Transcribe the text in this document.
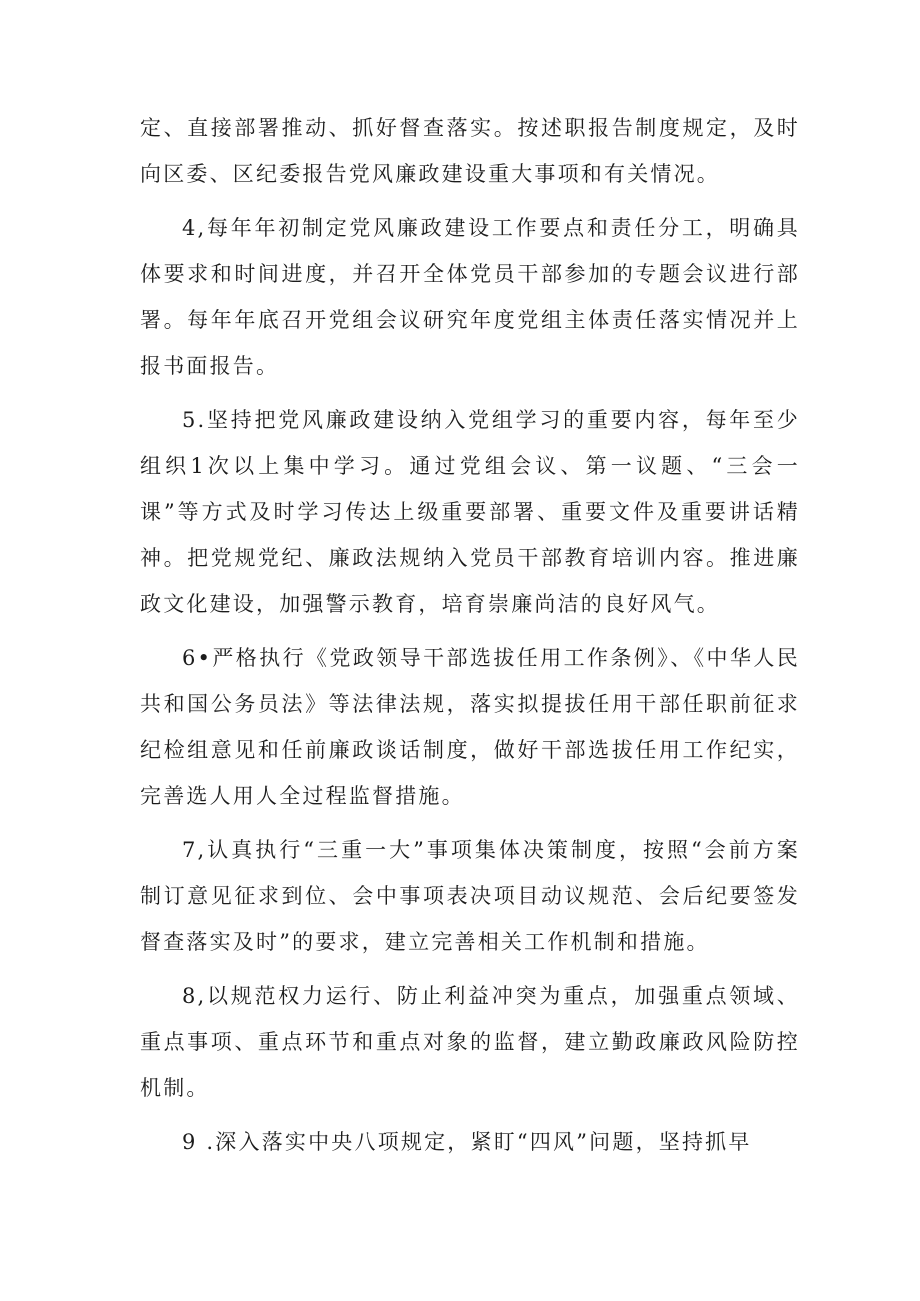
定、直接部署推动、抓好督查落实。按述职报告制度规定，及时向区委、区纪委报告党风廉政建设重大事项和有关情况。

4,每年年初制定党风廉政建设工作要点和责任分工，明确具体要求和时间进度，并召开全体党员干部参加的专题会议进行部署。每年年底召开党组会议研究年度党组主体责任落实情况并上报书面报告。

5.坚持把党风廉政建设纳入党组学习的重要内容，每年至少组织1次以上集中学习。通过党组会议、第一议题、“三会一课”等方式及时学习传达上级重要部署、重要文件及重要讲话精神。把党规党纪、廉政法规纳入党员干部教育培训内容。推进廉政文化建设，加强警示教育，培育崇廉尚洁的良好风气。

6•严格执行《党政领导干部选拔任用工作条例》、《中华人民共和国公务员法》等法律法规，落实拟提拔任用干部任职前征求纪检组意见和任前廉政谈话制度，做好干部选拔任用工作纪实，完善选人用人全过程监督措施。

7,认真执行“三重一大”事项集体决策制度，按照“会前方案制订意见征求到位、会中事项表决项目动议规范、会后纪要签发督查落实及时”的要求，建立完善相关工作机制和措施。

8,以规范权力运行、防止利益冲突为重点，加强重点领域、重点事项、重点环节和重点对象的监督，建立勤政廉政风险防控机制。

9 .深入落实中央八项规定，紧盯“四风”问题，坚持抓早
